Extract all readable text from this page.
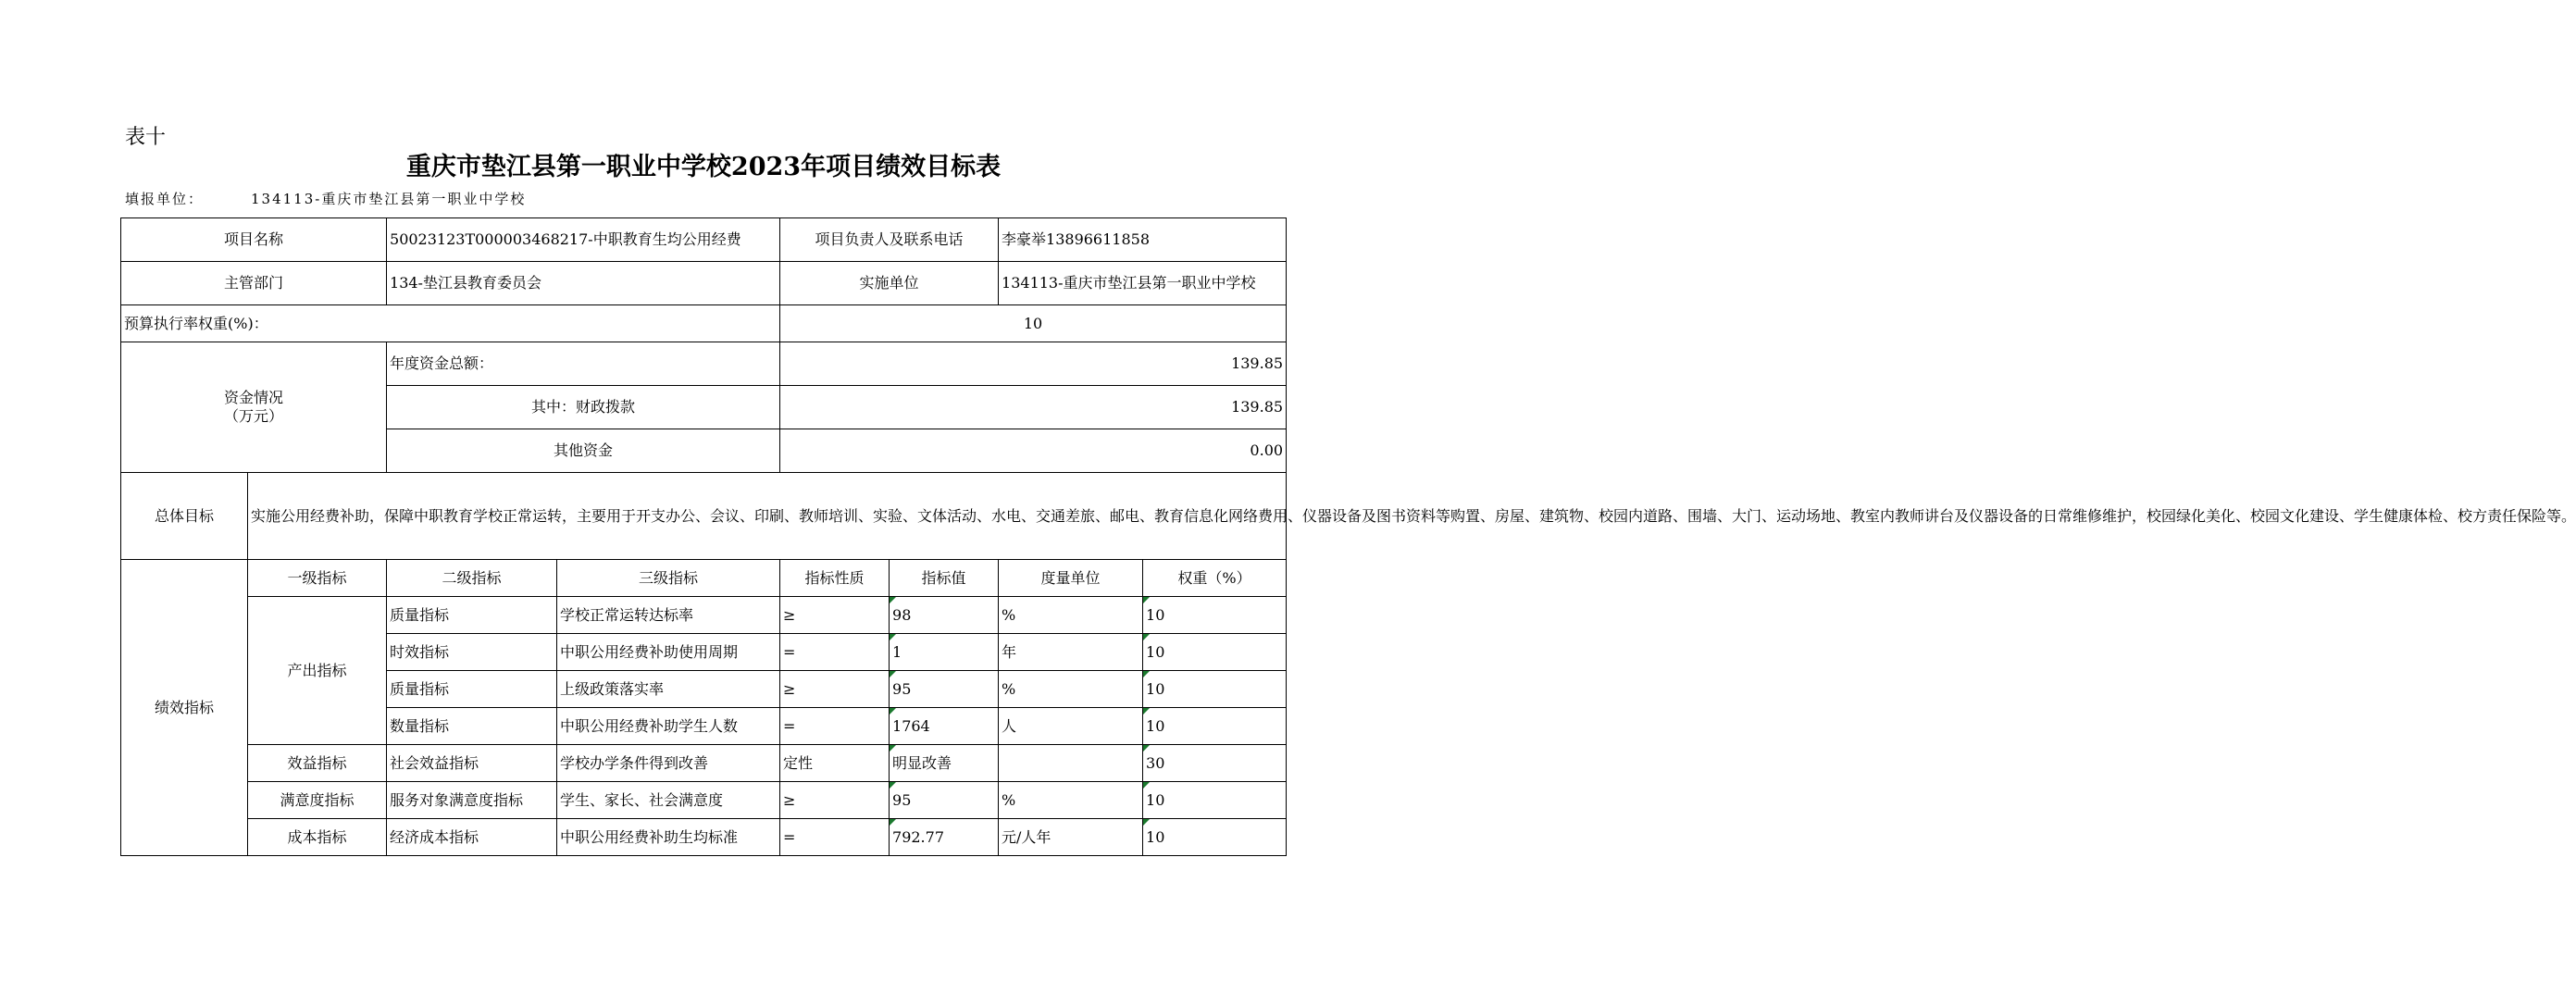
表十
重庆市垫江县第一职业中学校2023年项目绩效目标表
填报单位：	134113-重庆市垫江县第一职业中学校
项目名称		50023123T000003468217-中职教育生均公用经费		项目负责人及联系电话		李豪举13896611858	
主管部门		134-垫江县教育委员会		实施单位		134113-重庆市垫江县第一职业中学校	
预算执行率权重(%)：				10			

资金情况
（万元）		年度资金总额：		139.85			
		其中：财政拨款		139.85			
		其他资金		0.00			
总体目标	实施公用经费补助，保障中职教育学校正常运转，主要用于开支办公、会议、印刷、教师培训、实验、文体活动、水电、交通差旅、邮电、教育信息化网络费用、仪器设备及图书资料等购置、房屋、建筑物、校园内道路、围墙、大门、运动场地、教室内教师讲台及仪器设备的日常维修维护，校园绿化美化、校园文化建设、学生健康体检、校方责任保险等。						
绩效指标	一级指标	二级指标	三级指标	指标性质	指标值	度量单位	权重（%）
	产出指标	质量指标	学校正常运转达标率	≥	98	%	10
		时效指标	中职公用经费补助使用周期	=	1	年	10
		质量指标	上级政策落实率	≥	95	%	10
		数量指标	中职公用经费补助学生人数	=	1764	人	10
	效益指标	社会效益指标	学校办学条件得到改善	定性	明显改善		30
	满意度指标	服务对象满意度指标	学生、家长、社会满意度	≥	95	%	10
	成本指标	经济成本指标	中职公用经费补助生均标准	=	792.77	元/人年	10
